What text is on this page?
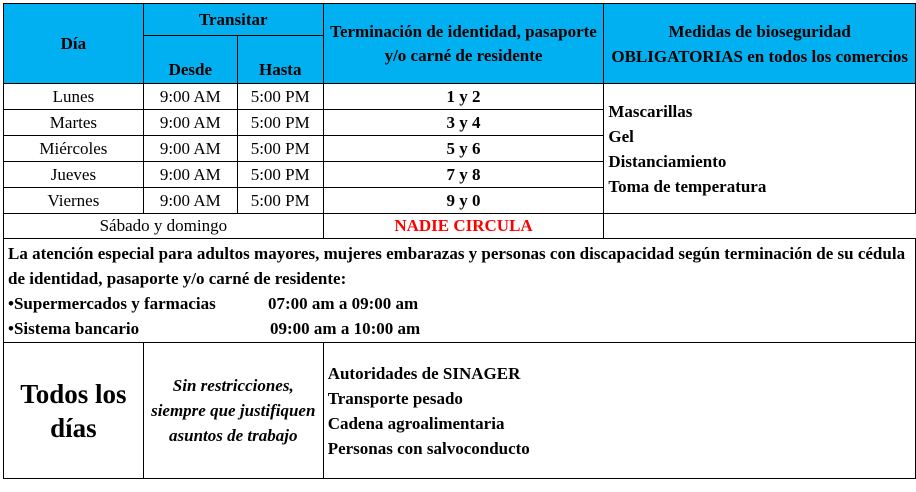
Día	Transitar		Terminación de identidad, pasaporte y/o carné de residente	Medidas de bioseguridad OBLIGATORIAS en todos los comercios
	Desde	Hasta		
Lunes	9:00 AM	5:00 PM	1 y 2	Mascarillas
Gel
Distanciamiento
Toma de temperatura

Martes	9:00 AM	5:00 PM	3 y 4	
Miércoles	9:00 AM	5:00 PM	5 y 6	
Jueves	9:00 AM	5:00 PM	7 y 8	
Viernes	9:00 AM	5:00 PM	9 y 0	
Sábado y domingo			NADIE CIRCULA	

La atención especial para adultos mayores, mujeres embarazas y personas con discapacidad según terminación de su cédula de identidad, pasaporte y/o carné de residente:
•Supermercados y farmacias 07:00 am a 09:00 am
•Sistema bancario 09:00 am a 10:00 am				

Todos los días	Sin restricciones, siempre que justifiquen asuntos de trabajo		Autoridades de SINAGER
Transporte pesado
Cadena agroalimentaria
Personas con salvoconducto	
